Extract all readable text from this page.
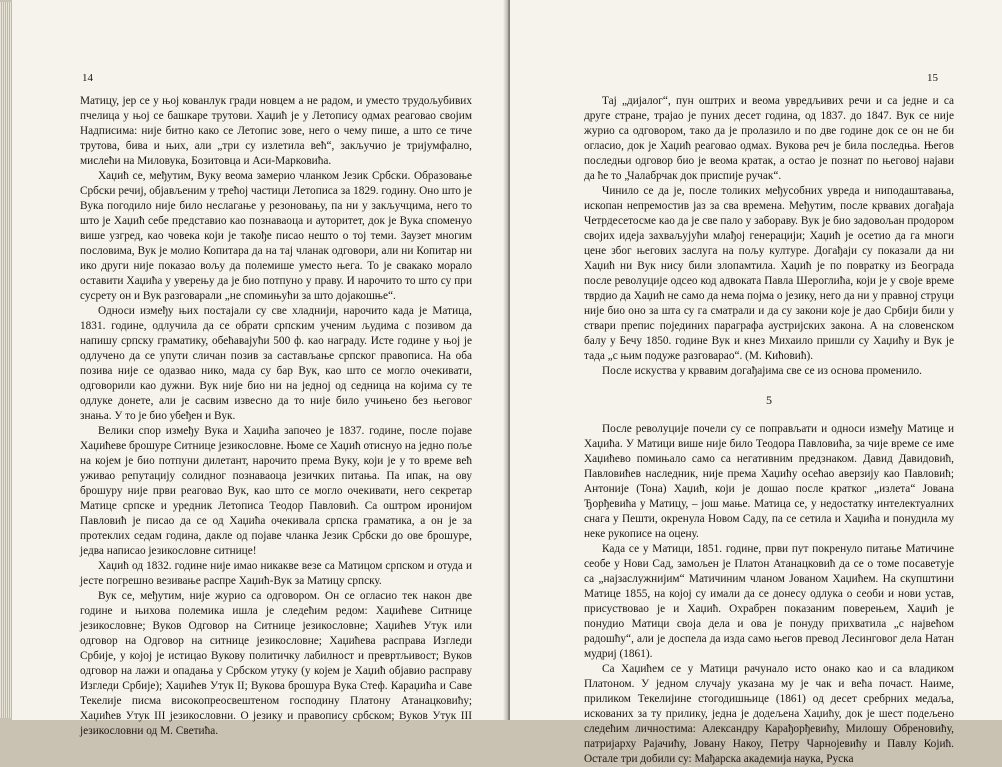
14

Матицу, јер се у њој кованлук гради новцем а не радом, и уместо трудољубивих пчелица у њој се башкаре трутови. Хаџић је у Летопису одмах реаговао својим Надписима: није битно како се Летопис зове, него о чему пише, а што се тиче трутова, бива и њих, али „три су излетила већ“, закључио је тријумфално, мислећи на Миловука, Бозитовца и Аси-Марковића.

Хаџић се, међутим, Вуку веома замерио чланком Језик Србски. Образовање Србски речиј, објављеним у трећој частици Летописа за 1829. годину. Оно што је Вука погодило није било неслагање у резоновању, па ни у закључцима, него то што је Хаџић себе представио као познаваоца и ауторитет, док је Вука споменуо више узгред, као човека који је такође писао нешто о тој теми. Заузет многим пословима, Вук је молио Копитара да на тај чланак одговори, али ни Копитар ни ико други није показао вољу да полемише уместо њега. То је свакако морало оставити Хаџића у уверењу да је био потпуно у праву. И нарочито то што су при сусрету он и Вук разговарали „не спомињући за што дојакошње“.

Односи између њих постајали су све хладнији, нарочито када је Матица, 1831. године, одлучила да се обрати српским ученим људима с позивом да напишу српску граматику, обећавајући 500 ф. као награду. Исте године у њој је одлучено да се упути сличан позив за састављање српског правописа. На оба позива није се одазвао нико, мада су бар Вук, као што се могло очекивати, одговорили као дужни. Вук није био ни на једној од седница на којима су те одлуке донете, али је сасвим извесно да то није било учињено без његовог знања. У то је био убеђен и Вук.

Велики спор између Вука и Хаџића започео је 1837. године, после појаве Хаџићеве брошуре Ситнице језикословне. Њоме се Хаџић отиснуо на једно поље на којем је био потпуни дилетант, нарочито према Вуку, који је у то време већ уживао репутацију солидног познаваоца језичких питања. Па ипак, на ову брошуру није први реаговао Вук, као што се могло очекивати, него секретар Матице српске и уредник Летописа Теодор Павловић. Са оштром иронијом Павловић је писао да се од Хаџића очекивала српска граматика, а он је за протеклих седам година, дакле од појаве чланка Језик Србски до ове брошуре, једва написао језикословне ситнице!

Хаџић од 1832. године није имао никакве везе са Матицом српском и отуда и јесте погрешно везивање распре Хаџић-Вук за Матицу српску.

Вук се, међутим, није журио са одговором. Он се огласио тек након две године и њихова полемика ишла је следећим редом: Хаџићеве Ситнице језикословне; Вуков Одговор на Ситнице језикословне; Хаџићев Утук или одговор на Одговор на ситнице језикословне; Хаџићева расправа Изгледи Србије, у којој је истицао Вукову политичку лабилност и превртљивост; Вуков одговор на лажи и опадања у Србском утуку (у којем је Хаџић објавио расправу Изгледи Србије); Хаџићев Утук II; Вукова брошура Вука Стеф. Караџића и Саве Текелије писма високопреосвештеном господину Платону Атанацковићу; Хаџићев Утук III језикословни. О језику и правопису србском; Вуков Утук III језикословни од М. Светића.

15

Тај „дијалог“, пун оштрих и веома увредљивих речи и са једне и са друге стране, трајао је пуних десет година, од 1837. до 1847. Вук се није журио са одговором, тако да је пролазило и по две године док се он не би огласио, док је Хаџић реаговао одмах. Вукова реч је била последња. Његов последњи одговор био је веома кратак, а остао је познат по његовој најави да ће то „Чалабрчак док приспије ручак“.

Чинило се да је, после толиких међусобних увреда и ниподаштавања, ископан непремостив јаз за сва времена. Међутим, после крвавих догађаја Четрдесетосме као да је све пало у забораву. Вук је био задовољан продором својих идеја захваљујући млађој генерацији; Хаџић је осетио да га многи цене због његових заслуга на пољу културе. Догађаји су показали да ни Хаџић ни Вук нису били злопамтила. Хаџић је по повратку из Београда после револуције одсео код адвоката Павла Шероглића, који је у своје време тврдио да Хаџић не само да нема појма о језику, него да ни у правној струци није био оно за шта су га сматрали и да су закони које је дао Србији били у ствари препис појединих параграфа аустријских закона. А на словенском балу у Бечу 1850. године Вук и кнез Михаило пришли су Хаџићу и Вук је тада „с њим подуже разговарао“. (М. Кићовић).

После искуства у крвавим догађајима све се из основа променило.

5

После револуције почели су се поправљати и односи између Матице и Хаџића. У Матици више није било Теодора Павловића, за чије време се име Хаџићево помињало само са негативним предзнаком. Давид Давидовић, Павловићев наследник, није према Хаџићу осећао аверзију као Павловић; Антоније (Тона) Хаџић, који је дошао после кратког „излета“ Јована Ђорђевића у Матицу, – још мање. Матица се, у недостатку интелектуалних снага у Пешти, окренула Новом Саду, па се сетила и Хаџића и понудила му неке рукописе на оцену.

Када се у Матици, 1851. године, први пут покренуло питање Матичине сеобе у Нови Сад, замољен је Платон Атанацковић да се о томе посаветује са „најзаслужнијим“ Матичиним чланом Јованом Хаџићем. На скупштини Матице 1855, на којој су имали да се донесу одлука о сеоби и нови устав, присуствовао је и Хаџић. Охрабрен показаним поверењем, Хаџић је понудио Матици своја дела и ова је понуду прихватила „с највећом радошћу“, али је доспела да изда само његов превод Лесинговог дела Натан мудриј (1861).

Са Хаџићем се у Матици рачунало исто онако као и са владиком Платоном. У једном случају указана му је чак и већа почаст. Наиме, приликом Текелијине стогодишњице (1861) од десет сребрних медаља, искованих за ту прилику, једна је додељена Хаџићу, док је шест подељено следећим личностима: Александру Карађорђевићу, Милошу Обреновићу, патријарху Рајачићу, Јовану Накоу, Петру Чарнојевићу и Павлу Којић. Остале три добили су: Мађарска академија наука, Руска
